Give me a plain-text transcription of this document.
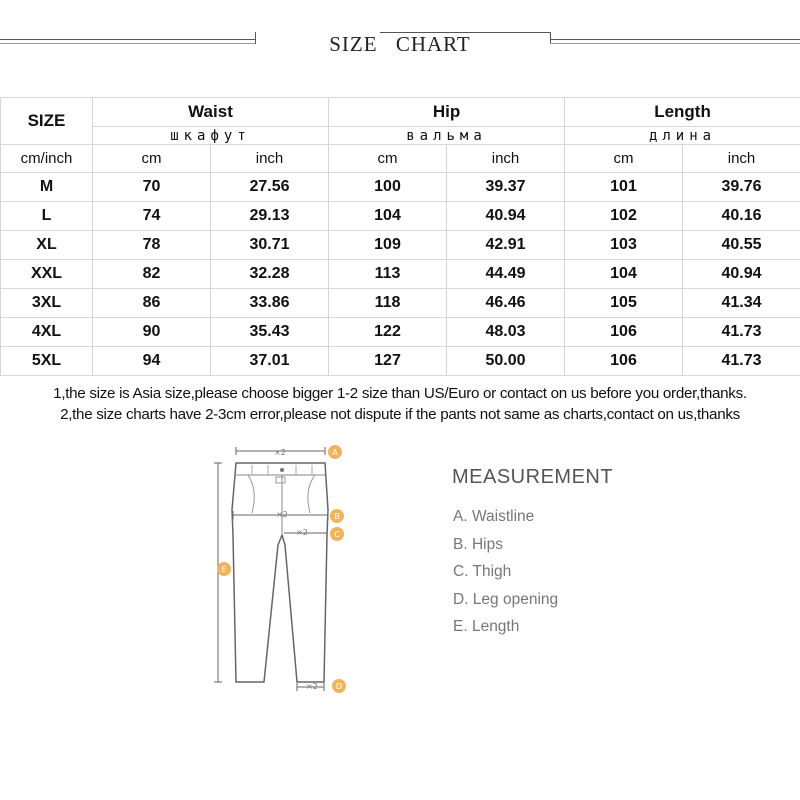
SIZE CHART
SIZE	Waist		Hip		Length	
	шкафут		вальма		длина	
cm/inch	cm	inch	cm	inch	cm	inch
M	70	27.56	100	39.37	101	39.76
L	74	29.13	104	40.94	102	40.16
XL	78	30.71	109	42.91	103	40.55
XXL	82	32.28	113	44.49	104	40.94
3XL	86	33.86	118	46.46	105	41.34
4XL	90	35.43	122	48.03	106	41.73
5XL	94	37.01	127	50.00	106	41.73
1,the size is Asia size,please choose bigger 1-2 size than US/Euro or contact on us before you order,thanks.
2,the size charts have 2-3cm error,please not dispute if the pants not same as charts,contact on us,thanks
×2	A
×2	B
×2	C
E
×2 D
MEASUREMENT
A. Waistline
B. Hips
C. Thigh
D. Leg opening
E. Length
